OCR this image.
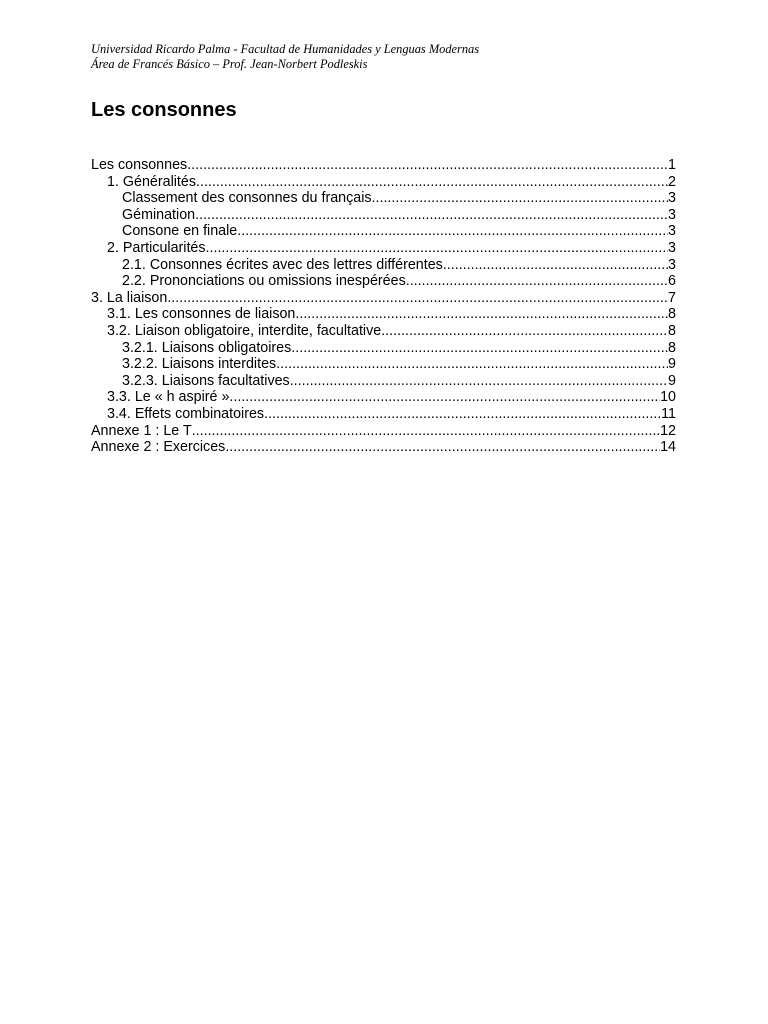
Universidad Ricardo Palma - Facultad de Humanidades y Lenguas Modernas
Área de Francés Básico – Prof. Jean-Norbert Podleskis
Les consonnes
Les consonnes .....	1
1. Généralités .....	2
Classement des consonnes du français .....	3
Gémination .....	3
Consone en finale .....	3
2. Particularités .....	3
2.1. Consonnes écrites avec des lettres différentes .....	3
2.2. Prononciations ou omissions inespérées .....	6
3. La liaison .....	7
3.1. Les consonnes de liaison .....	8
3.2. Liaison obligatoire, interdite, facultative .....	8
3.2.1. Liaisons obligatoires .....	8
3.2.2. Liaisons interdites .....	9
3.2.3. Liaisons facultatives .....	9
3.3. Le « h aspiré » .....	10
3.4. Effets combinatoires .....	11
Annexe 1 : Le T .....	12
Annexe 2 : Exercices .....	14
